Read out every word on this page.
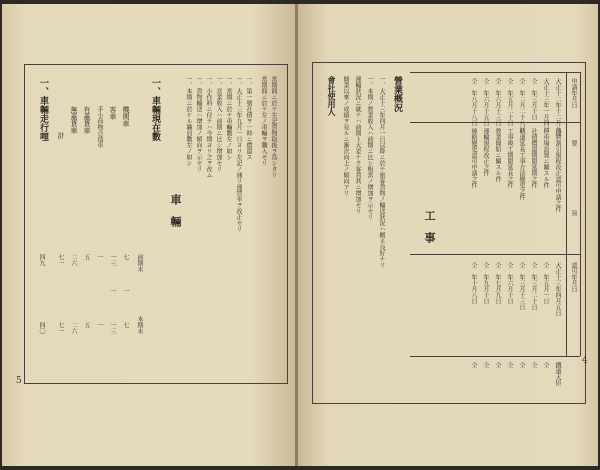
當期間ニ於テ左記貨物取扱ヲ爲シタリ
當期間ニ於テ左ノ車輛ヲ購入セリ
一、第一號社債ヲ一時ニ償還ス
一、大正十三年九月一日ヨリ左記ノ通リ運賃率ヲ改正セリ
一、當期ニ於テ車輛數左ノ如シ
一、営業收入ハ前期ニ比シ増加セリ
一、小作料ニ付テハ今期ヨリ之ヲ改ム
一、貨物輸送ハ增加ノ傾向ヲ示セリ
一、本期ニ於ケル職員數左ノ如シ
車　輛
一、車輛現在數
前期末
本期末
機関車
七
一
七
客車
一三
一
一三
手小荷物合造車
一
一
有蓋貨車
五
五
無蓋貨車
二六
二六
計
七一
七一
一、車輛走行哩
四〇
四九
5
申請年月日
認可年月日
要
旨
大正十二年十二月八日
大正十三年一月四日
仝　年三月十日
仝　年二月二十八日
仝　年五月二十日
仝　年六月十三日
仝　年六月十五日
仝　年八月十八日
運賃割引規程改正認可申請之件
停車場設置ニ關スル件
社債償還期限延期之件
軌道延長工事方法變更之件
工事竣工期限延長之件
營業開始ニ關スル件
運輸規程改正之件
線路變更認可申請之件
大正十三年四月五日
仝　年五月一日
仝　年三月二十日
仝　年三月十三日
仝　年六月十日
仝　年七月九日
仝　年九月十日
仝　年十月八日
鐵道大臣
仝
仝
仝
仝
仝
仝
仝
工　事
營業概況
一、大正十三年四月一日以降ニ於テ旅客貨物ノ輸送狀況ハ概ネ良好ナリ
一、本期ノ營業收入ハ前期ニ比シ相當ノ增加ヲ示セリ
運輸狀況ニ就テハ前期ト大差ナク客貨共ニ增加セリ
開業以來ノ成績ヲ見ルニ漸次向上ノ傾向アリ
會社使用人
4
